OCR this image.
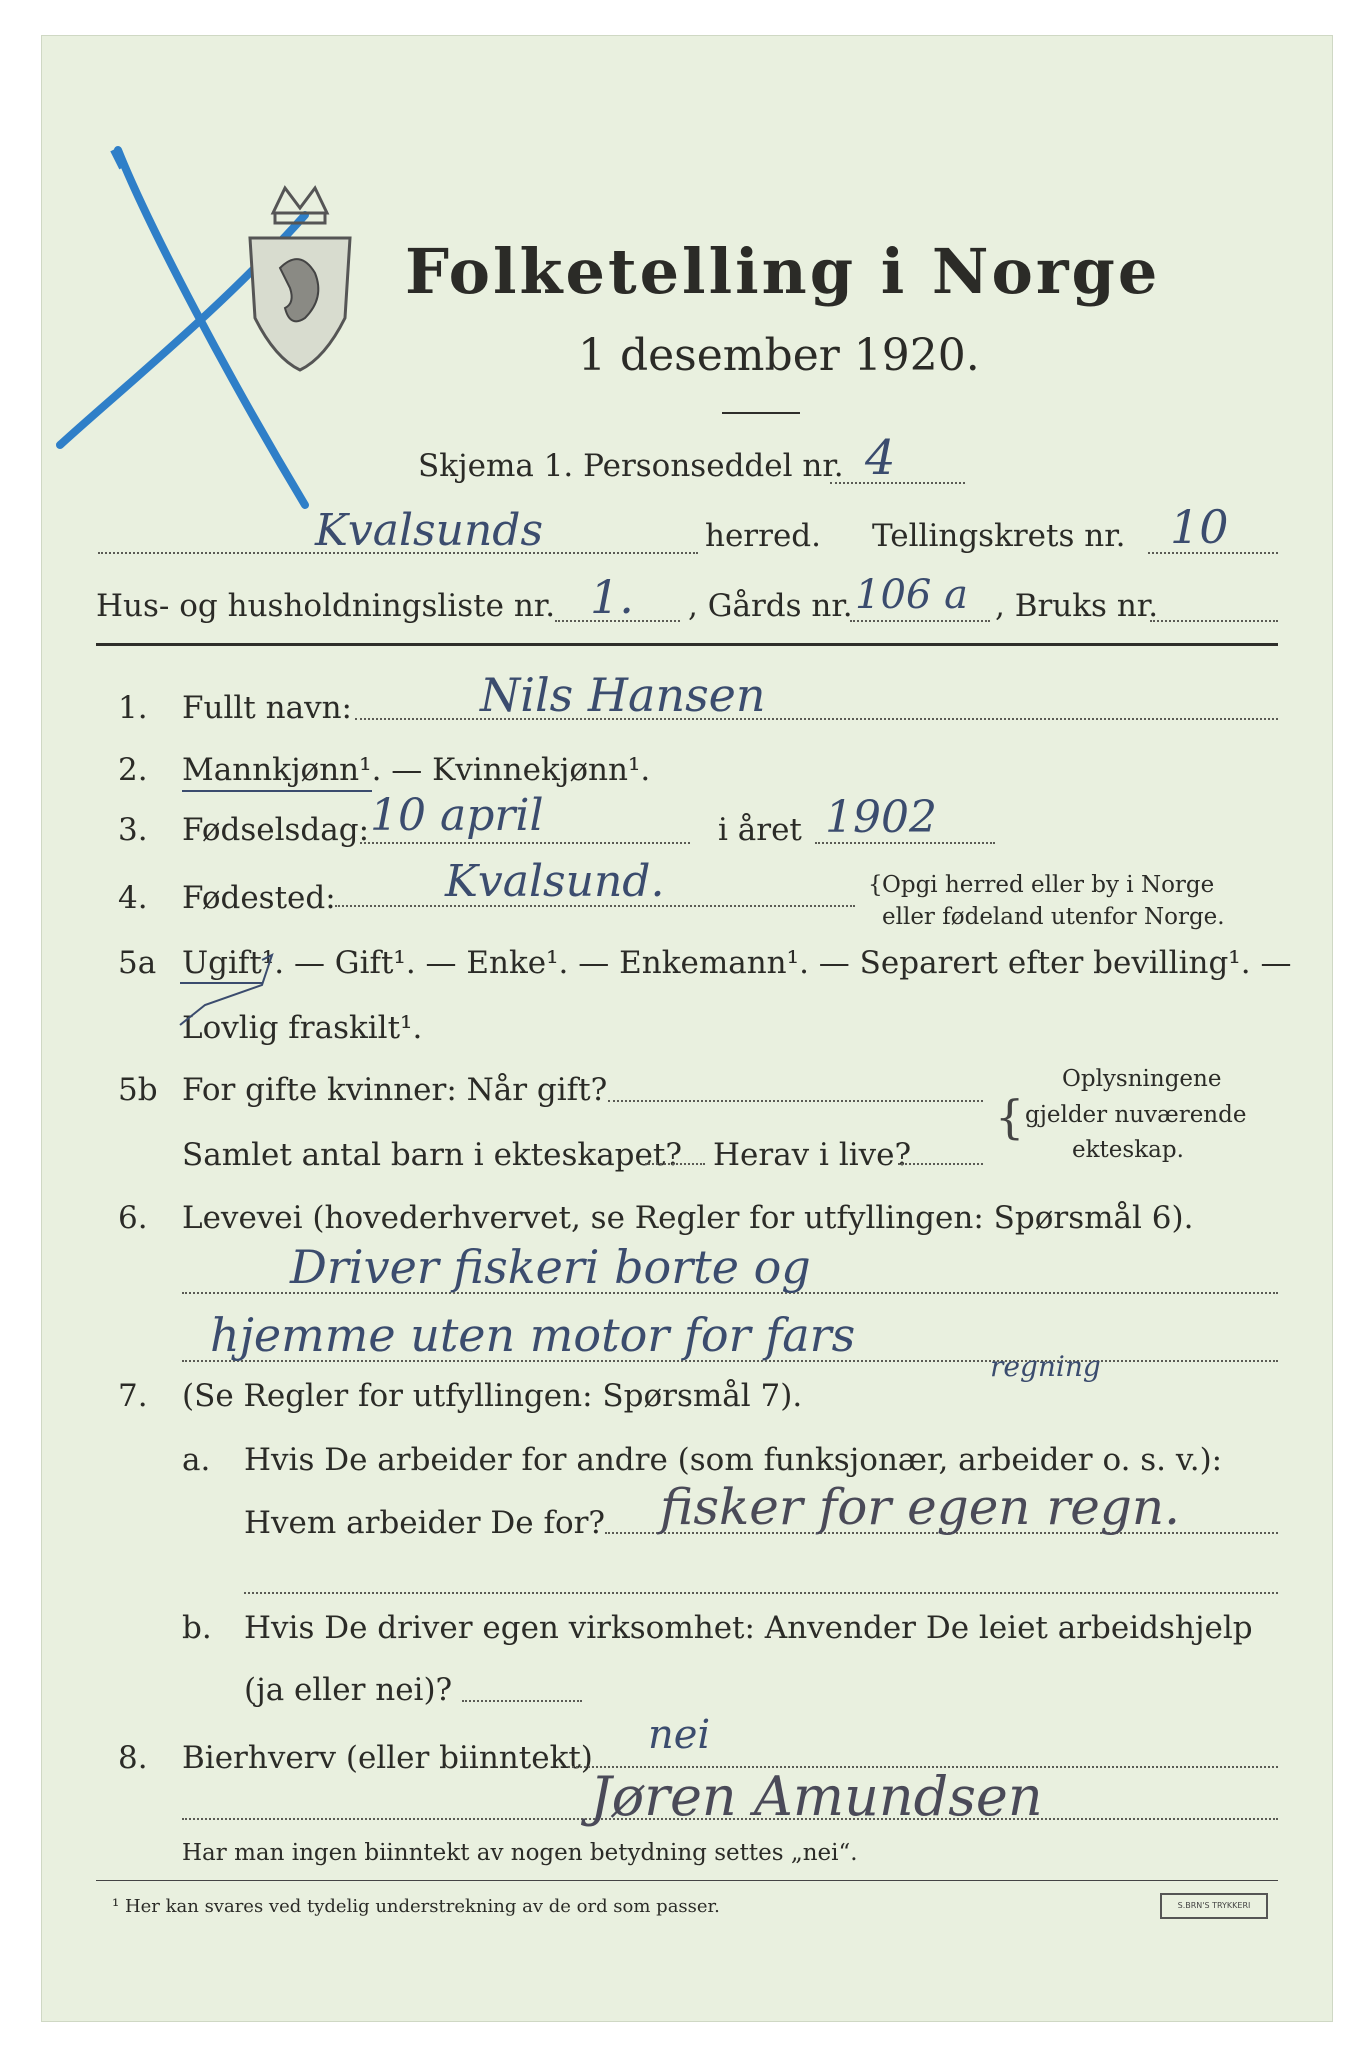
Folketelling i Norge
1 desember 1920.
Skjema 1. Personseddel nr. 4
Kvalsunds	herred. Tellingskrets nr. 10
Hus- og husholdningsliste nr. 1. , Gårds nr. 106 a , Bruks nr.
1. Fullt navn:	Nils Hansen
2. Mannkjønn¹. — Kvinnekjønn¹.
3. Fødselsdag: 10 april	i året 1902
4. Fødested: Kvalsund.	{ Opgi herred eller by i Norge
eller fødeland utenfor Norge.
5a Ugift¹. — Gift¹. — Enke¹. — Enkemann¹. — Separert efter bevilling¹. —
Lovlig fraskilt¹.
5b For gifte kvinner: Når gift?
Samlet antal barn i ekteskapet? Herav i live?
{
Oplysningene
gjelder nuværende
ekteskap.
6. Levevei (hovederhvervet, se Regler for utfyllingen: Spørsmål 6).
Driver fiskeri borte og
hjemme uten motor for fars
regning
7. (Se Regler for utfyllingen: Spørsmål 7).
a. Hvis De arbeider for andre (som funksjonær, arbeider o. s. v.):
Hvem arbeider De for? fisker for egen regn.
b. Hvis De driver egen virksomhet: Anvender De leiet arbeidshjelp
(ja eller nei)?
8. Bierhverv (eller biinntekt) nei
Jøren Amundsen
Har man ingen biinntekt av nogen betydning settes „nei“.
¹ Her kan svares ved tydelig understrekning av de ord som passer.	S.BRN'S TRYKKERI
